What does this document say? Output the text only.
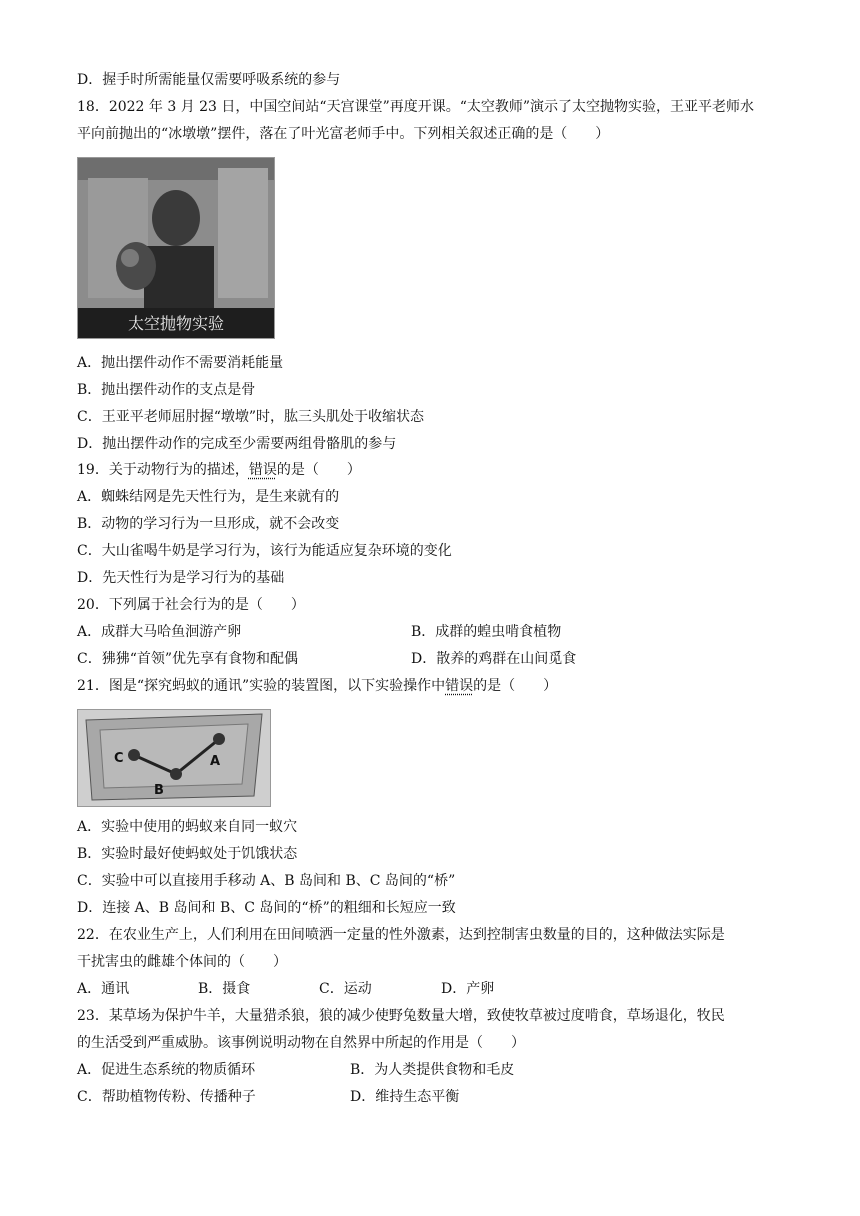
D．握手时所需能量仅需要呼吸系统的参与
18．2022 年 3 月 23 日，中国空间站“天宫课堂”再度开课。“太空教师”演示了太空抛物实验，王亚平老师水
平向前抛出的“冰墩墩”摆件，落在了叶光富老师手中。下列相关叙述正确的是（　　）
太空抛物实验
A．抛出摆件动作不需要消耗能量
B．抛出摆件动作的支点是骨
C．王亚平老师屈肘握“墩墩”时，肱三头肌处于收缩状态
D．抛出摆件动作的完成至少需要两组骨骼肌的参与
19．关于动物行为的描述，错误的是（　　）
A．蜘蛛结网是先天性行为，是生来就有的
B．动物的学习行为一旦形成，就不会改变
C．大山雀喝牛奶是学习行为，该行为能适应复杂环境的变化
D．先天性行为是学习行为的基础
20．下列属于社会行为的是（　　）
A．成群大马哈鱼洄游产卵	B．成群的蝗虫啃食植物
C．狒狒“首领”优先享有食物和配偶	D．散养的鸡群在山间觅食
21．图是“探究蚂蚁的通讯”实验的装置图，以下实验操作中错误的是（　　）
C
B
A
A．实验中使用的蚂蚁来自同一蚁穴
B．实验时最好使蚂蚁处于饥饿状态
C．实验中可以直接用手移动 A、B 岛间和 B、C 岛间的“桥”
D．连接 A、B 岛间和 B、C 岛间的“桥”的粗细和长短应一致
22．在农业生产上，人们利用在田间喷洒一定量的性外激素，达到控制害虫数量的目的，这种做法实际是
干扰害虫的雌雄个体间的（　　）
A．通讯	B．摄食	C．运动	D．产卵
23．某草场为保护牛羊，大量猎杀狼，狼的减少使野兔数量大增，致使牧草被过度啃食，草场退化，牧民
的生活受到严重威胁。该事例说明动物在自然界中所起的作用是（　　）
A．促进生态系统的物质循环	B．为人类提供食物和毛皮
C．帮助植物传粉、传播种子	D．维持生态平衡
